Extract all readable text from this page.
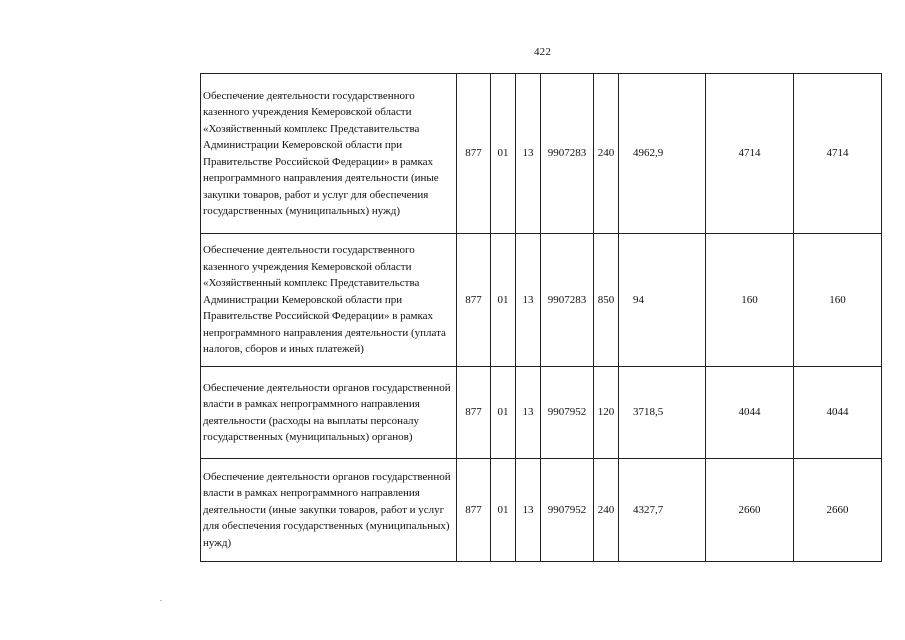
422
Обеспечение деятельности государственного казенного учреждения Кемеровской области «Хозяйственный комплекс Представительства Администрации Кемеровской области при Правительстве Российской Федерации» в рамках непрограммного направления деятельности (иные закупки товаров, работ и услуг для обеспечения государственных (муниципальных) нужд)	877	01	13	9907283	240	4962,9	4714	4714
Обеспечение деятельности государственного казенного учреждения Кемеровской области «Хозяйственный комплекс Представительства Администрации Кемеровской области при Правительстве Российской Федерации» в рамках непрограммного направления деятельности (уплата налогов, сборов и иных платежей)	877	01	13	9907283	850	94	160	160
Обеспечение деятельности органов государственной власти в рамках непрограммного направления деятельности (расходы на выплаты персоналу государственных (муниципальных) органов)	877	01	13	9907952	120	3718,5	4044	4044
Обеспечение деятельности органов государственной власти в рамках непрограммного направления деятельности (иные закупки товаров, работ и услуг для обеспечения государственных (муниципальных) нужд)	877	01	13	9907952	240	4327,7	2660	2660
